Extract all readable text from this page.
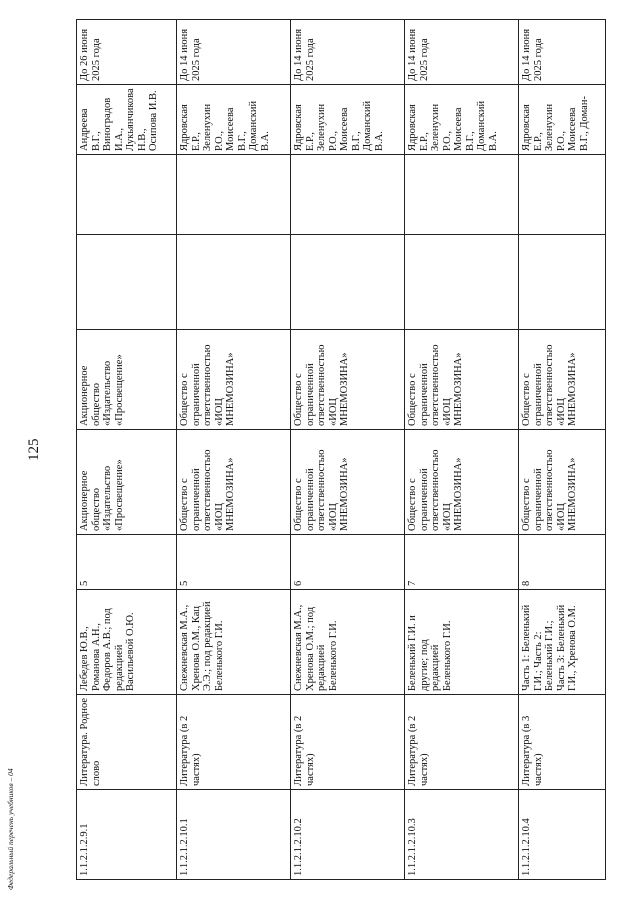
125
Федеральный перечень учебников – 04	1.1.2.1.2.9.1	Литература. Родное слово	Лебедев Ю.В., Романова А.Н., Федоров А.В.; под редакцией Васильевой О.Ю.	5	Акционерное общество «Издательство «Просвещение»	Акционерное общество «Издательство «Просвещение»			Андреева В.Г., Виноградов И.А., Лукьянчикова Н.В., Осипова И.В.	До 26 июня 2025 года
1.1.2.1.2.10.1	Литература (в 2 частях)	Снежневская М.А., Хренова О.М., Кац Э.Э.; под редакцией Беленького Г.И.	5	Общество с ограниченной ответственностью «ИОЦ МНЕМОЗИНА»	Общество с ограниченной ответственностью «ИОЦ МНЕМОЗИНА»			Ядровская Е.Р., Зеленухин Р.О., Моисеева В.Г., Доманский В.А.	До 14 июня 2025 года
1.1.2.1.2.10.2	Литература (в 2 частях)	Снежневская М.А., Хренова О.М.; под редакцией Беленького Г.И.	6	Общество с ограниченной ответственностью «ИОЦ МНЕМОЗИНА»	Общество с ограниченной ответственностью «ИОЦ МНЕМОЗИНА»			Ядровская Е.Р., Зеленухин Р.О., Моисеева В.Г., Доманский В.А.	До 14 июня 2025 года
1.1.2.1.2.10.3	Литература (в 2 частях)	Беленький Г.И. и другие; под редакцией Беленького Г.И.	7	Общество с ограниченной ответственностью «ИОЦ МНЕМОЗИНА»	Общество с ограниченной ответственностью «ИОЦ МНЕМОЗИНА»			Ядровская Е.Р., Зеленухин Р.О., Моисеева В.Г., Доманский В.А.	До 14 июня 2025 года
1.1.2.1.2.10.4	Литература (в 3 частях)	Часть 1: Беленький Г.И.; Часть 2: Беленький Г.И.; Часть 3: Беленький Г.И., Хренова О.М.	8	Общество с ограниченной ответственностью «ИОЦ МНЕМОЗИНА»	Общество с ограниченной ответственностью «ИОЦ МНЕМОЗИНА»			Ядровская Е.Р., Зеленухин Р.О., Моисеева В.Г., Доман-	До 14 июня 2025 года
